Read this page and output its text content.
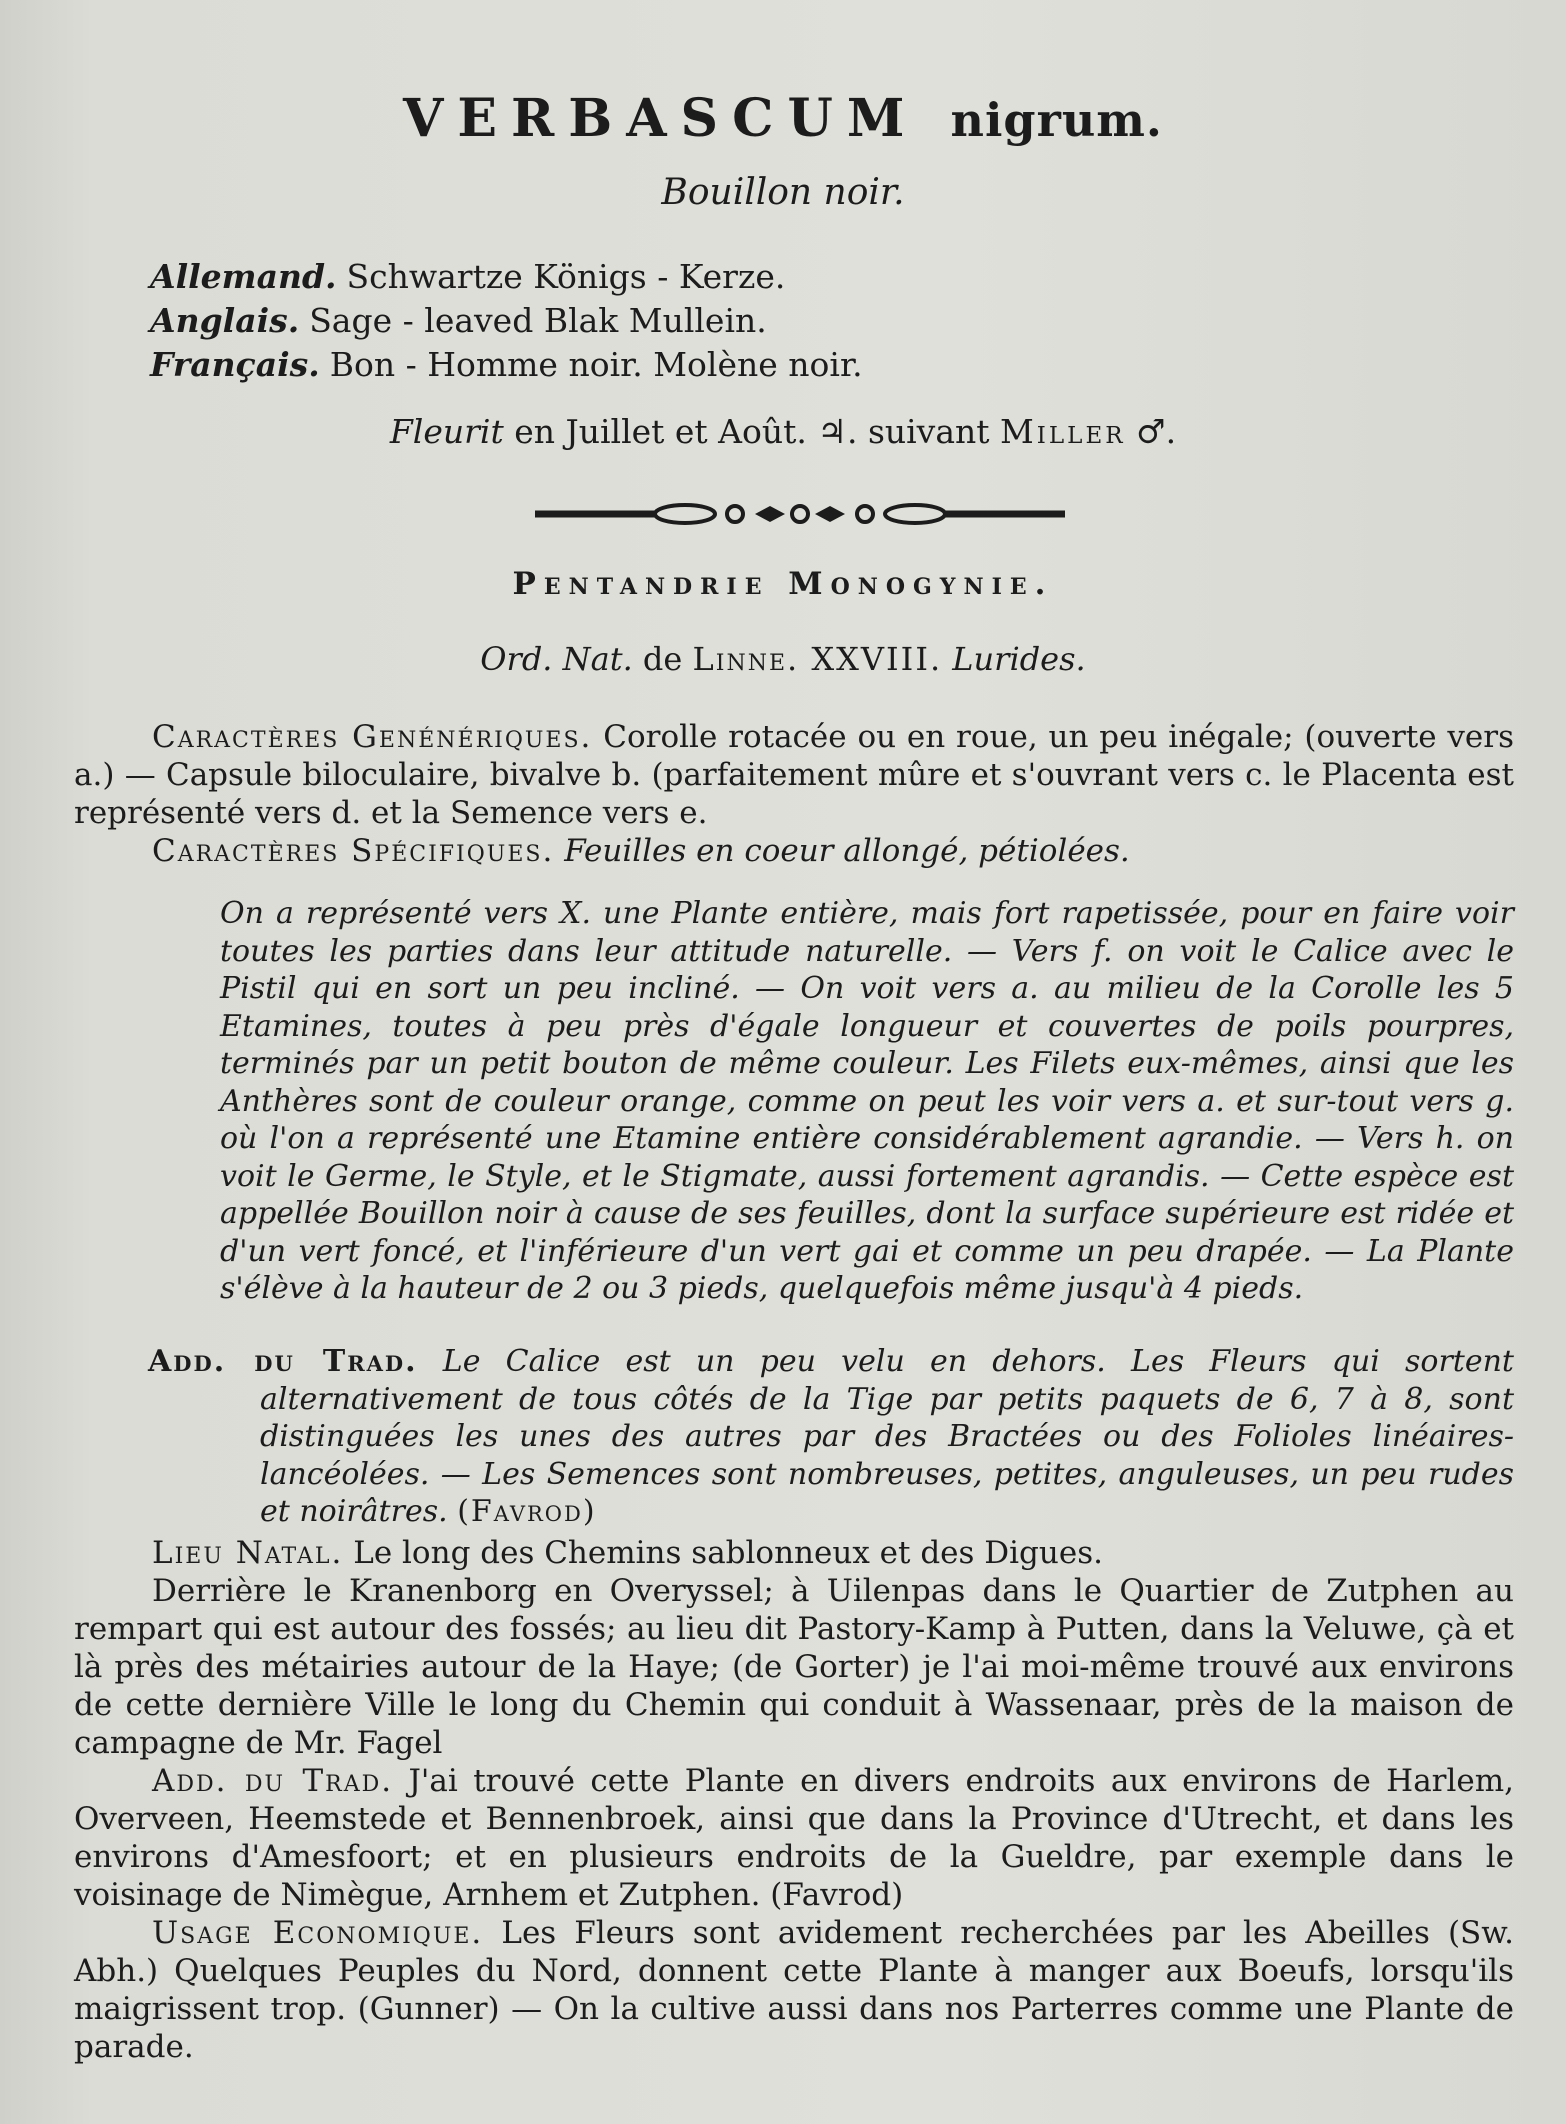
VERBASCUM nigrum.
Bouillon noir.
Allemand. Schwartze Königs - Kerze.
Anglais. Sage - leaved Blak Mullein.
Français. Bon - Homme noir. Molène noir.
Fleurit en Juillet et Août. ♃. suivant Miller ♂.
Pentandrie Monogynie.
Ord. Nat. de Linne. XXVIII. Lurides.

Caractères Genénériques. Corolle rotacée ou en roue, un peu inégale; (ouverte vers a.) — Capsule biloculaire, bivalve b. (parfaitement mûre et s'ouvrant vers c. le Placenta est représenté vers d. et la Semence vers e.

Caractères Spécifiques. Feuilles en coeur allongé, pétiolées.

On a représenté vers X. une Plante entière, mais fort rapetissée, pour en faire voir toutes les parties dans leur attitude naturelle. — Vers f. on voit le Calice avec le Pistil qui en sort un peu incliné. — On voit vers a. au milieu de la Corolle les 5 Etamines, toutes à peu près d'égale longueur et couvertes de poils pourpres, terminés par un petit bouton de même couleur. Les Filets eux-mêmes, ainsi que les Anthères sont de couleur orange, comme on peut les voir vers a. et sur-tout vers g. où l'on a représenté une Etamine entière considérablement agrandie. — Vers h. on voit le Germe, le Style, et le Stigmate, aussi fortement agrandis. — Cette espèce est appellée Bouillon noir à cause de ses feuilles, dont la surface supérieure est ridée et d'un vert foncé, et l'inférieure d'un vert gai et comme un peu drapée. — La Plante s'élève à la hauteur de 2 ou 3 pieds, quelquefois même jusqu'à 4 pieds.
Add. du Trad. Le Calice est un peu velu en dehors. Les Fleurs qui sortent alternativement de tous côtés de la Tige par petits paquets de 6, 7 à 8, sont distinguées les unes des autres par des Bractées ou des Folioles linéaires-lancéolées. — Les Semences sont nombreuses, petites, anguleuses, un peu rudes et noirâtres. (Favrod)

Lieu Natal. Le long des Chemins sablonneux et des Digues.

Derrière le Kranenborg en Overyssel; à Uilenpas dans le Quartier de Zutphen au rempart qui est autour des fossés; au lieu dit Pastory-Kamp à Putten, dans la Veluwe, çà et là près des métairies autour de la Haye; (de Gorter) je l'ai moi-même trouvé aux environs de cette dernière Ville le long du Chemin qui conduit à Wassenaar, près de la maison de campagne de Mr. Fagel

Add. du Trad. J'ai trouvé cette Plante en divers endroits aux environs de Harlem, Overveen, Heemstede et Bennenbroek, ainsi que dans la Province d'Utrecht, et dans les environs d'Amesfoort; et en plusieurs endroits de la Gueldre, par exemple dans le voisinage de Nimègue, Arnhem et Zutphen. (Favrod)

Usage Economique. Les Fleurs sont avidement recherchées par les Abeilles (Sw. Abh.) Quelques Peuples du Nord, donnent cette Plante à manger aux Boeufs, lorsqu'ils maigrissent trop. (Gunner) — On la cultive aussi dans nos Parterres comme une Plante de parade.
